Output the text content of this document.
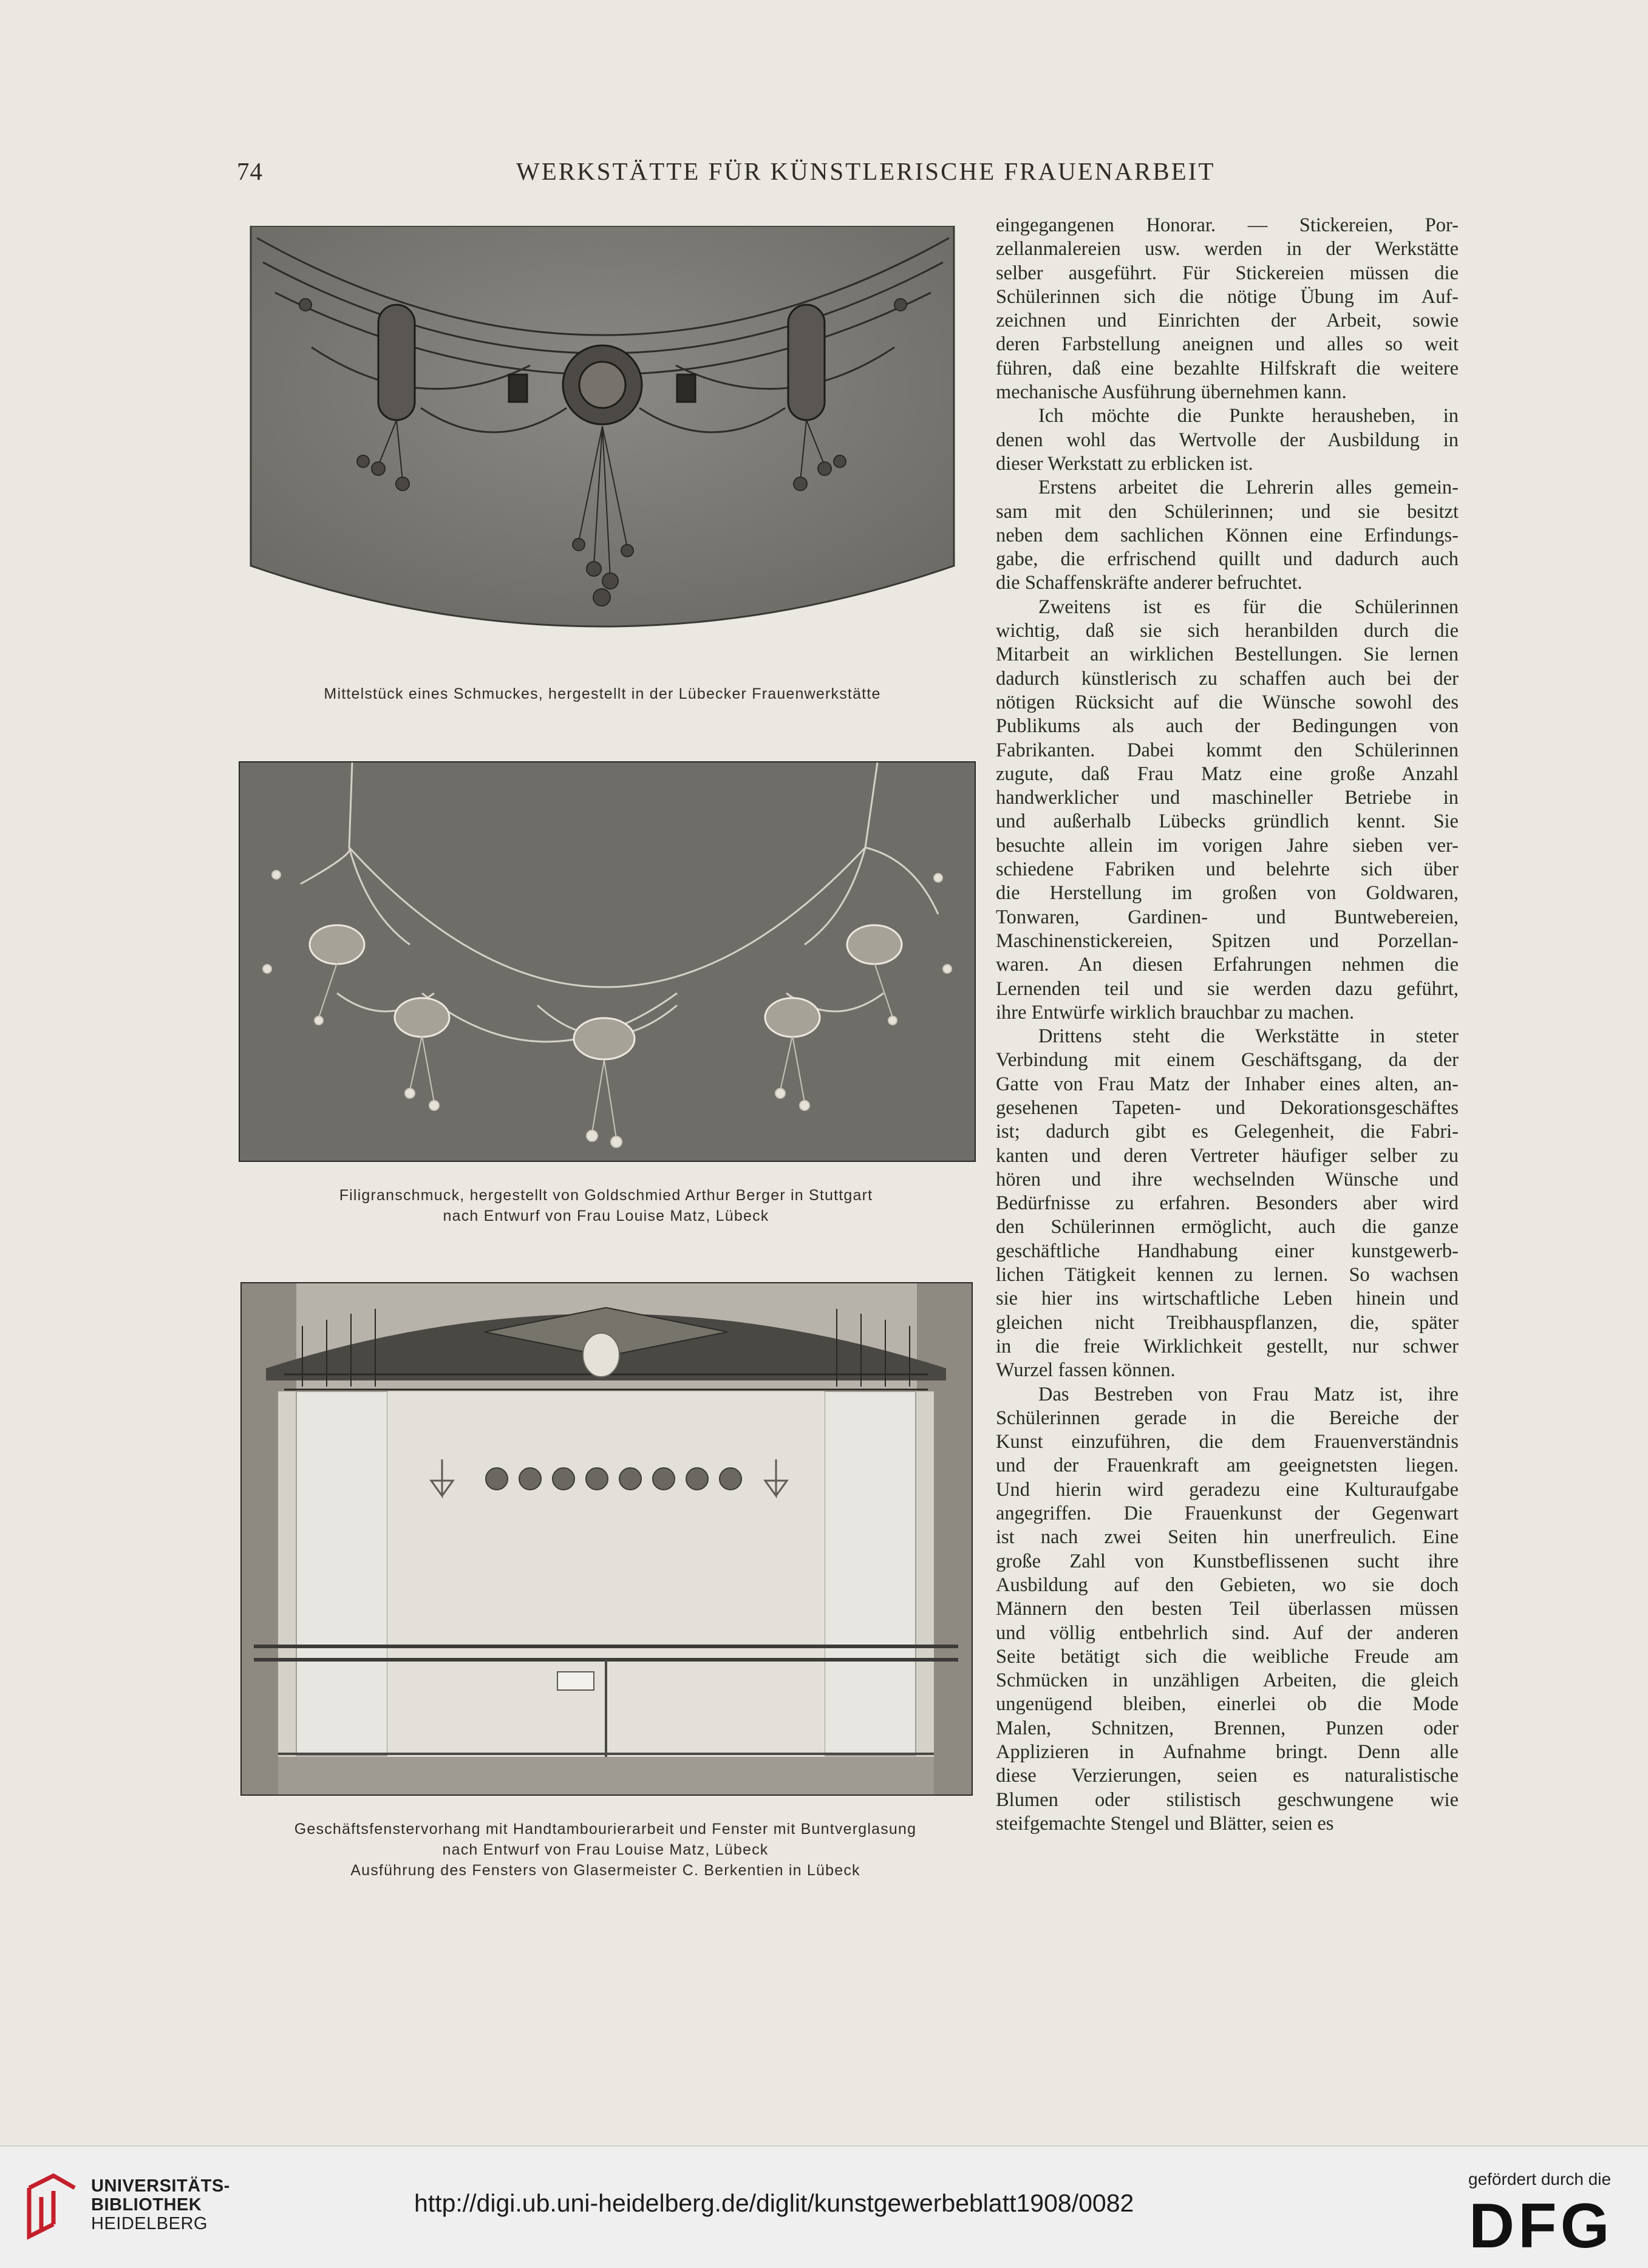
74	WERKSTÄTTE FÜR KÜNSTLERISCHE FRAUENARBEIT
Mittelstück eines Schmuckes, hergestellt in der Lübecker Frauenwerkstätte
Filigranschmuck, hergestellt von Goldschmied Arthur Berger in Stuttgart
nach Entwurf von Frau Louise Matz, Lübeck
Geschäftsfenstervorhang mit Handtambourierarbeit und Fenster mit Buntverglasung
nach Entwurf von Frau Louise Matz, Lübeck
Ausführung des Fensters von Glasermeister C. Berkentien in Lübeck
eingegangenen Honorar. — Stickereien, Por-
zellanmalereien usw. werden in der Werkstätte
selber ausgeführt. Für Stickereien müssen die
Schülerinnen sich die nötige Übung im Auf-
zeichnen und Einrichten der Arbeit, sowie
deren Farbstellung aneignen und alles so weit
führen, daß eine bezahlte Hilfskraft die weitere
mechanische Ausführung übernehmen kann.
Ich möchte die Punkte herausheben, in
denen wohl das Wertvolle der Ausbildung in
dieser Werkstatt zu erblicken ist.
Erstens arbeitet die Lehrerin alles gemein-
sam mit den Schülerinnen; und sie besitzt
neben dem sachlichen Können eine Erfindungs-
gabe, die erfrischend quillt und dadurch auch
die Schaffenskräfte anderer befruchtet.
Zweitens ist es für die Schülerinnen
wichtig, daß sie sich heranbilden durch die
Mitarbeit an wirklichen Bestellungen. Sie lernen
dadurch künstlerisch zu schaffen auch bei der
nötigen Rücksicht auf die Wünsche sowohl des
Publikums als auch der Bedingungen von
Fabrikanten. Dabei kommt den Schülerinnen
zugute, daß Frau Matz eine große Anzahl
handwerklicher und maschineller Betriebe in
und außerhalb Lübecks gründlich kennt. Sie
besuchte allein im vorigen Jahre sieben ver-
schiedene Fabriken und belehrte sich über
die Herstellung im großen von Goldwaren,
Tonwaren, Gardinen- und Buntwebereien,
Maschinenstickereien, Spitzen und Porzellan-
waren. An diesen Erfahrungen nehmen die
Lernenden teil und sie werden dazu geführt,
ihre Entwürfe wirklich brauchbar zu machen.
Drittens steht die Werkstätte in steter
Verbindung mit einem Geschäftsgang, da der
Gatte von Frau Matz der Inhaber eines alten, an-
gesehenen Tapeten- und Dekorationsgeschäftes
ist; dadurch gibt es Gelegenheit, die Fabri-
kanten und deren Vertreter häufiger selber zu
hören und ihre wechselnden Wünsche und
Bedürfnisse zu erfahren. Besonders aber wird
den Schülerinnen ermöglicht, auch die ganze
geschäftliche Handhabung einer kunstgewerb-
lichen Tätigkeit kennen zu lernen. So wachsen
sie hier ins wirtschaftliche Leben hinein und
gleichen nicht Treibhauspflanzen, die, später
in die freie Wirklichkeit gestellt, nur schwer
Wurzel fassen können.
Das Bestreben von Frau Matz ist, ihre
Schülerinnen gerade in die Bereiche der
Kunst einzuführen, die dem Frauenverständnis
und der Frauenkraft am geeignetsten liegen.
Und hierin wird geradezu eine Kulturaufgabe
angegriffen. Die Frauenkunst der Gegenwart
ist nach zwei Seiten hin unerfreulich. Eine
große Zahl von Kunstbeflissenen sucht ihre
Ausbildung auf den Gebieten, wo sie doch
Männern den besten Teil überlassen müssen
und völlig entbehrlich sind. Auf der anderen
Seite betätigt sich die weibliche Freude am
Schmücken in unzähligen Arbeiten, die gleich
ungenügend bleiben, einerlei ob die Mode
Malen, Schnitzen, Brennen, Punzen oder
Applizieren in Aufnahme bringt. Denn alle
diese Verzierungen, seien es naturalistische
Blumen oder stilistisch geschwungene wie
steifgemachte Stengel und Blätter, seien es
UNIVERSITÄTS-
BIBLIOTHEK
HEIDELBERG
http://digi.ub.uni-heidelberg.de/diglit/kunstgewerbeblatt1908/0082
gefördert durch die
DFG
